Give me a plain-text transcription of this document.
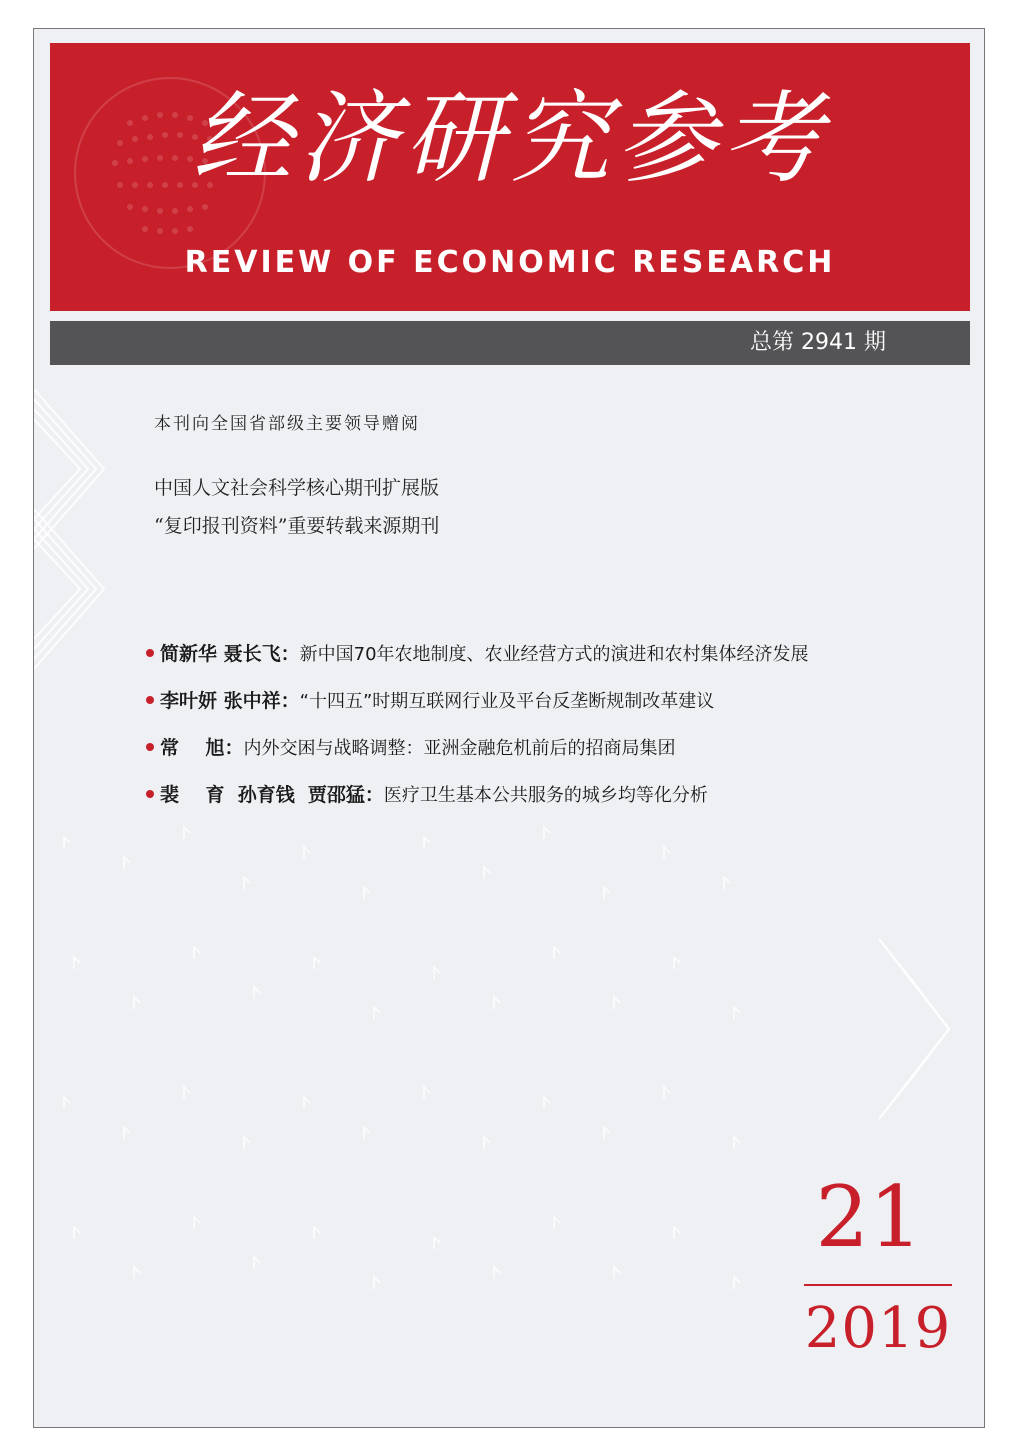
经济研究参考
REVIEW OF ECONOMIC RESEARCH
总第 2941 期
本刊向全国省部级主要领导赠阅
中国人文社会科学核心期刊扩展版
“复印报刊资料”重要转载来源期刊
简新华 聂长飞： 新中国70年农地制度、农业经营方式的演进和农村集体经济发展
李叶妍 张中祥： “十四五”时期互联网行业及平台反垄断规制改革建议
常    旭： 内外交困与战略调整：亚洲金融危机前后的招商局集团
裴    育  孙育钱  贾邵猛： 医疗卫生基本公共服务的城乡均等化分析
21
2019
